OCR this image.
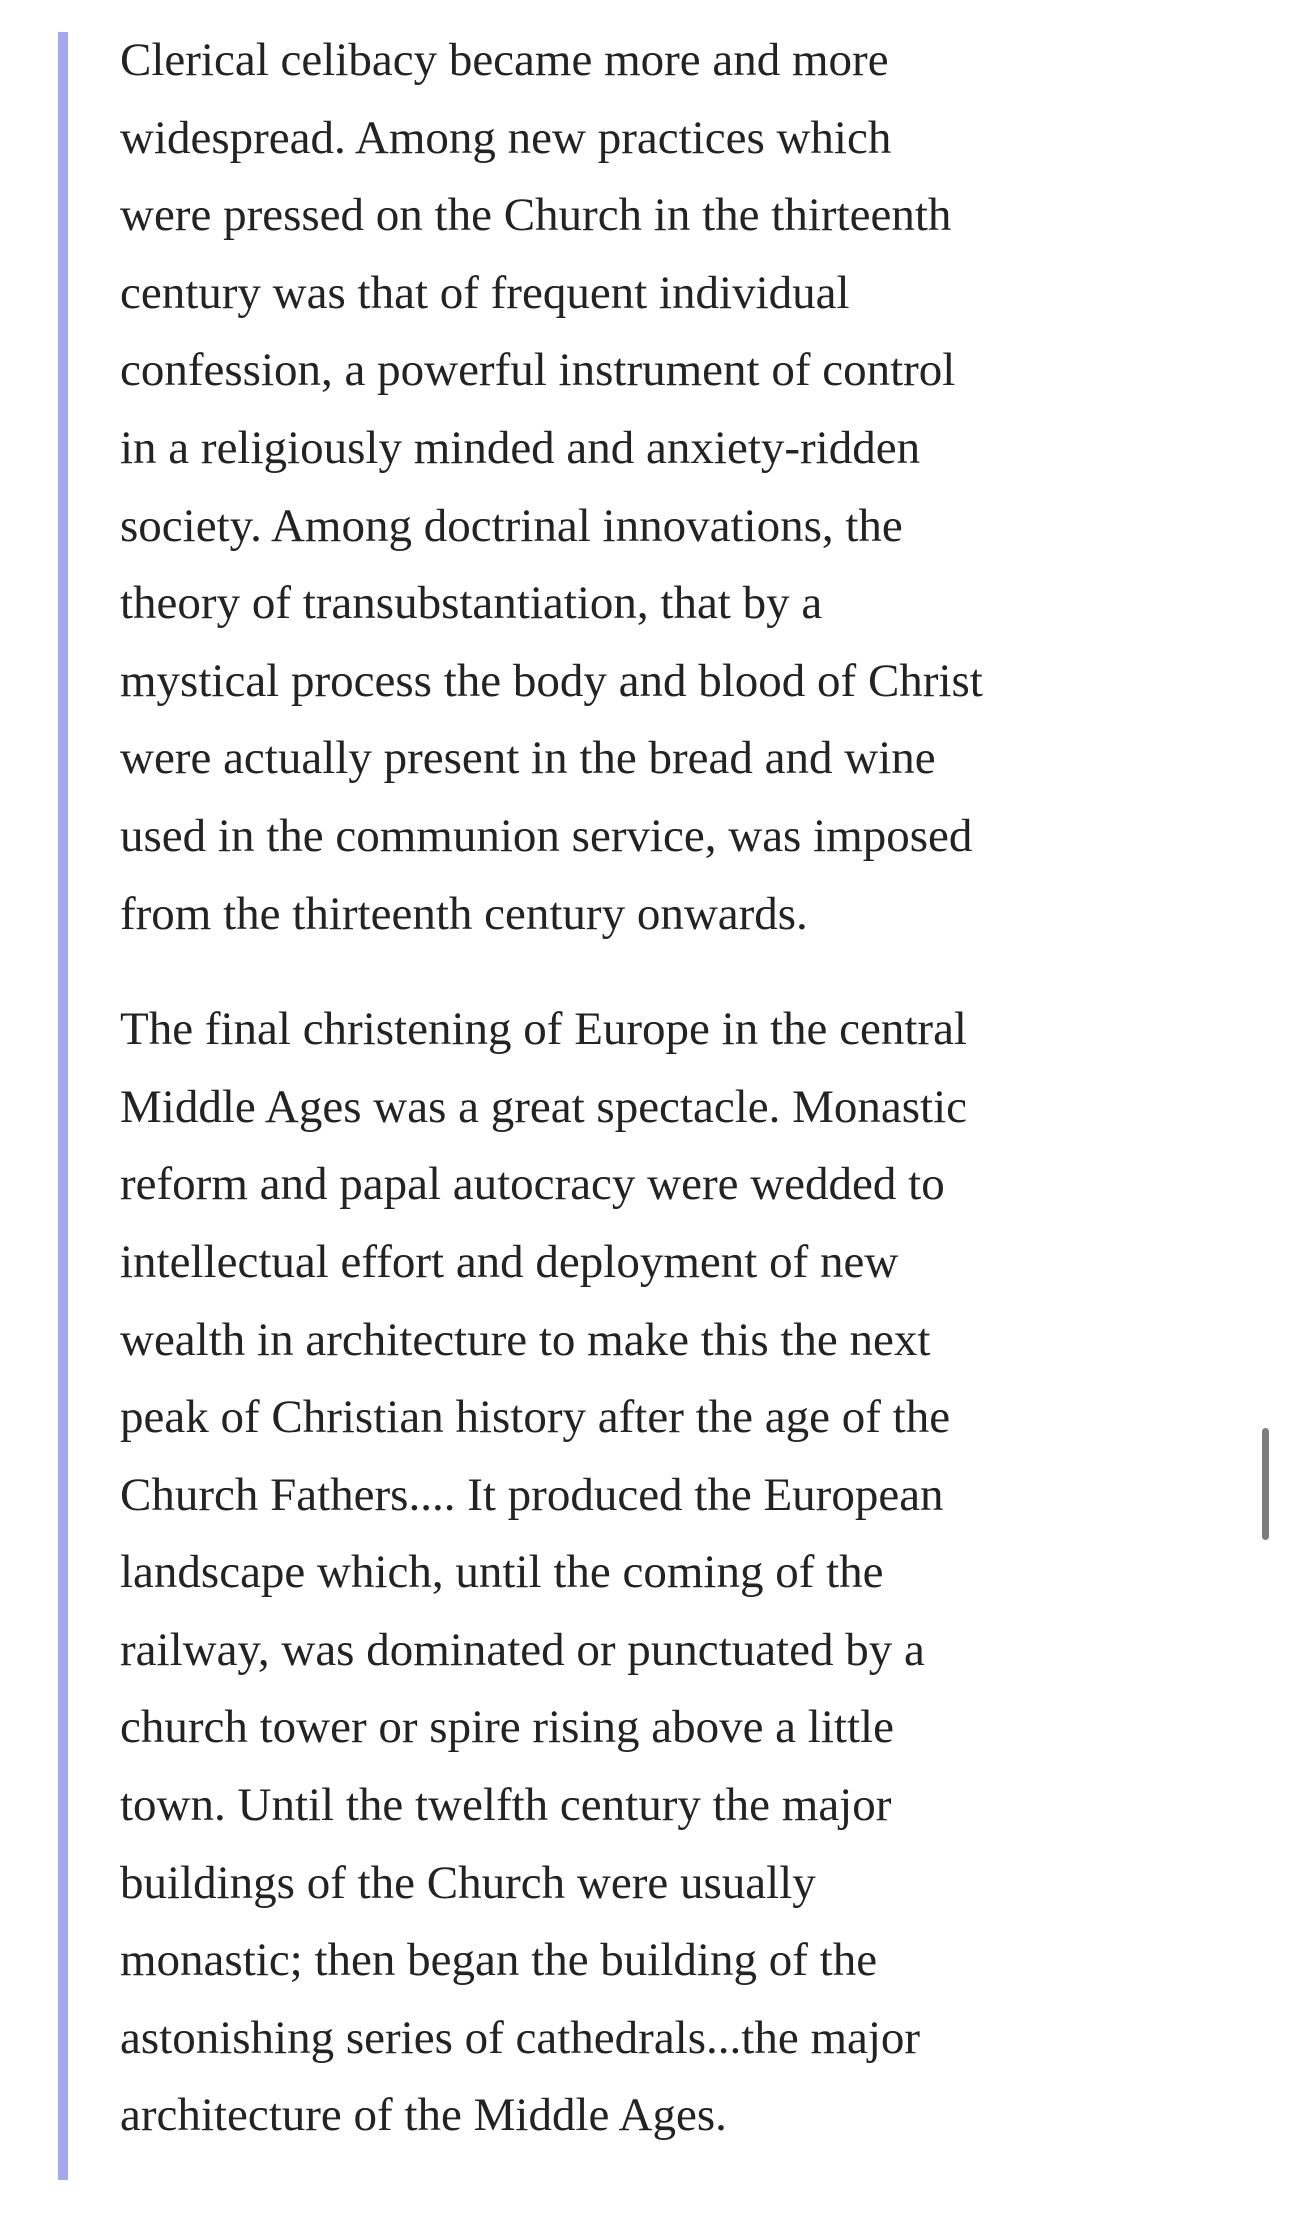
Clerical celibacy became more and more
widespread. Among new practices which
were pressed on the Church in the thirteenth
century was that of frequent individual
confession, a powerful instrument of control
in a religiously minded and anxiety-ridden
society. Among doctrinal innovations, the
theory of transubstantiation, that by a
mystical process the body and blood of Christ
were actually present in the bread and wine
used in the communion service, was imposed
from the thirteenth century onwards.

The final christening of Europe in the central
Middle Ages was a great spectacle. Monastic
reform and papal autocracy were wedded to
intellectual effort and deployment of new
wealth in architecture to make this the next
peak of Christian history after the age of the
Church Fathers.... It produced the European
landscape which, until the coming of the
railway, was dominated or punctuated by a
church tower or spire rising above a little
town. Until the twelfth century the major
buildings of the Church were usually
monastic; then began the building of the
astonishing series of cathedrals...the major
architecture of the Middle Ages.
